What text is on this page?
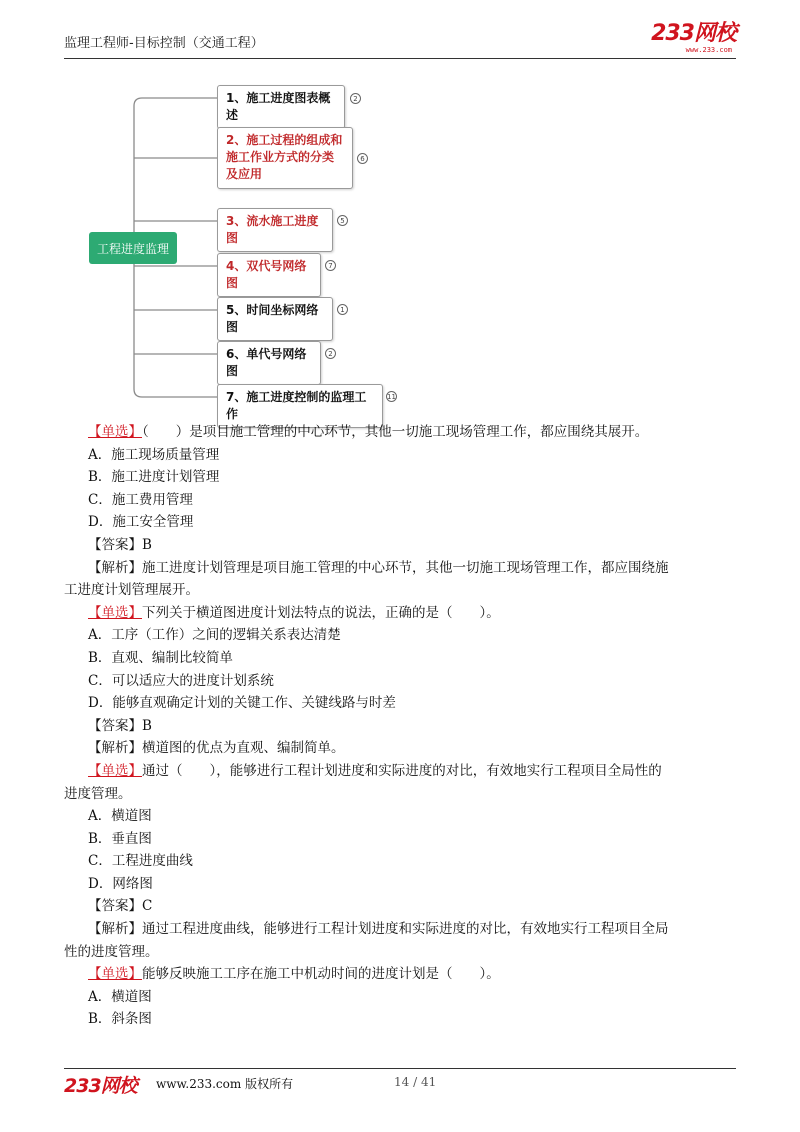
监理工程师-目标控制（交通工程）	233网校
www.233.com
工程进度监理
1、施工进度图表概述
2
2、施工过程的组成和施工作业方式的分类及应用
6
3、流水施工进度图
5
4、双代号网络图
7
5、时间坐标网络图
1
6、单代号网络图
2
7、施工进度控制的监理工作
11
【单选】（　　）是项目施工管理的中心环节，其他一切施工现场管理工作，都应围绕其展开。
A．施工现场质量管理
B．施工进度计划管理
C．施工费用管理
D．施工安全管理
【答案】B
【解析】施工进度计划管理是项目施工管理的中心环节，其他一切施工现场管理工作，都应围绕施
工进度计划管理展开。
【单选】下列关于横道图进度计划法特点的说法，正确的是（　　）。
A．工序（工作）之间的逻辑关系表达清楚
B．直观、编制比较简单
C．可以适应大的进度计划系统
D．能够直观确定计划的关键工作、关键线路与时差
【答案】B
【解析】横道图的优点为直观、编制简单。
【单选】通过（　　），能够进行工程计划进度和实际进度的对比，有效地实行工程项目全局性的
进度管理。
A．横道图
B．垂直图
C．工程进度曲线
D．网络图
【答案】C
【解析】通过工程进度曲线，能够进行工程计划进度和实际进度的对比，有效地实行工程项目全局
性的进度管理。
【单选】能够反映施工工序在施工中机动时间的进度计划是（　　）。
A．横道图
B．斜条图
233网校 www.233.com 版权所有	14 / 41
